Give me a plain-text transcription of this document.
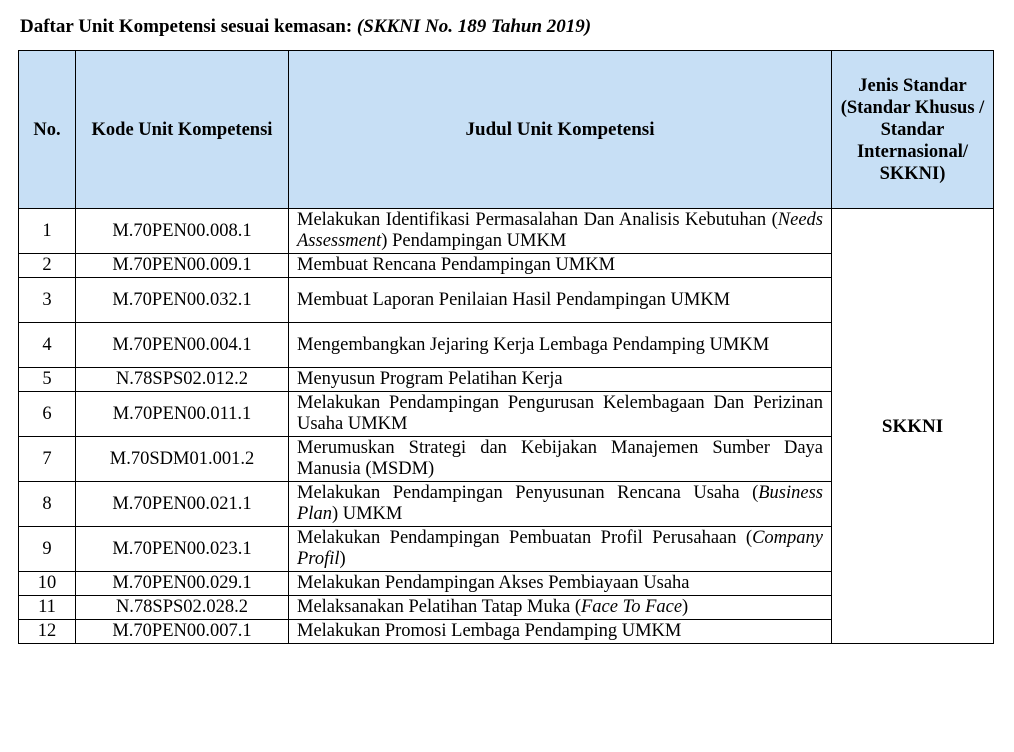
Daftar Unit Kompetensi sesuai kemasan: (SKKNI No. 189 Tahun 2019)
No.	Kode Unit Kompetensi	Judul Unit Kompetensi	Jenis Standar (Standar Khusus / Standar Internasional/ SKKNI)
1	M.70PEN00.008.1	Melakukan Identifikasi Permasalahan Dan Analisis Kebutuhan (Needs Assessment) Pendampingan UMKM	SKKNI
2	M.70PEN00.009.1	Membuat Rencana Pendampingan UMKM	
3	M.70PEN00.032.1	Membuat Laporan Penilaian Hasil Pendampingan UMKM	
4	M.70PEN00.004.1	Mengembangkan Jejaring Kerja Lembaga Pendamping UMKM	
5	N.78SPS02.012.2	Menyusun Program Pelatihan Kerja	
6	M.70PEN00.011.1	Melakukan Pendampingan Pengurusan Kelembagaan Dan Perizinan Usaha UMKM	
7	M.70SDM01.001.2	Merumuskan Strategi dan Kebijakan Manajemen Sumber Daya Manusia (MSDM)	
8	M.70PEN00.021.1	Melakukan Pendampingan Penyusunan Rencana Usaha (Business Plan) UMKM	
9	M.70PEN00.023.1	Melakukan Pendampingan Pembuatan Profil Perusahaan (Company Profil)	
10	M.70PEN00.029.1	Melakukan Pendampingan Akses Pembiayaan Usaha	
11	N.78SPS02.028.2	Melaksanakan Pelatihan Tatap Muka (Face To Face)	
12	M.70PEN00.007.1	Melakukan Promosi Lembaga Pendamping UMKM	
